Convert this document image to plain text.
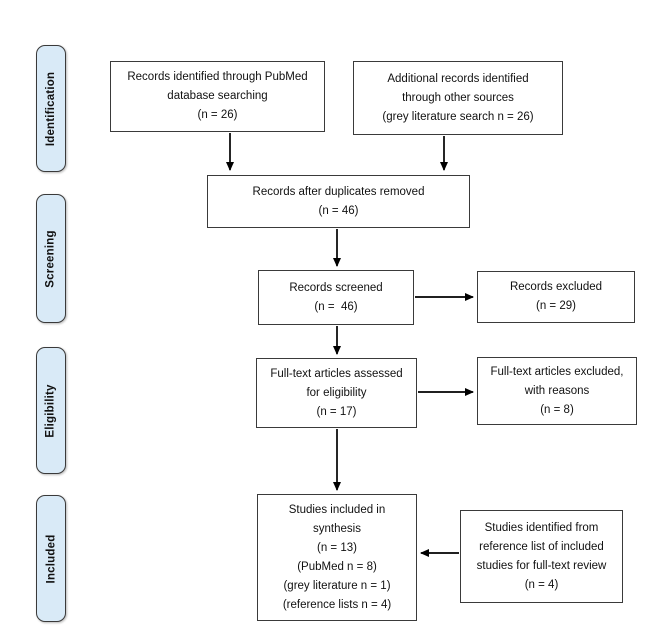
Identification
Screening
Eligibility
Included
Records identified through PubMed
database searching
(n = 26)
Additional records identified
through other sources
(grey literature search n = 26)
Records after duplicates removed
(n = 46)
Records screened
(n =  46)
Records excluded
(n = 29)
Full-text articles assessed
for eligibility
(n = 17)
Full-text articles excluded,
with reasons
(n = 8)
Studies included in
synthesis
(n = 13)
(PubMed n = 8)
(grey literature n = 1)
(reference lists n = 4)
Studies identified from
reference list of included
studies for full-text review
(n = 4)
